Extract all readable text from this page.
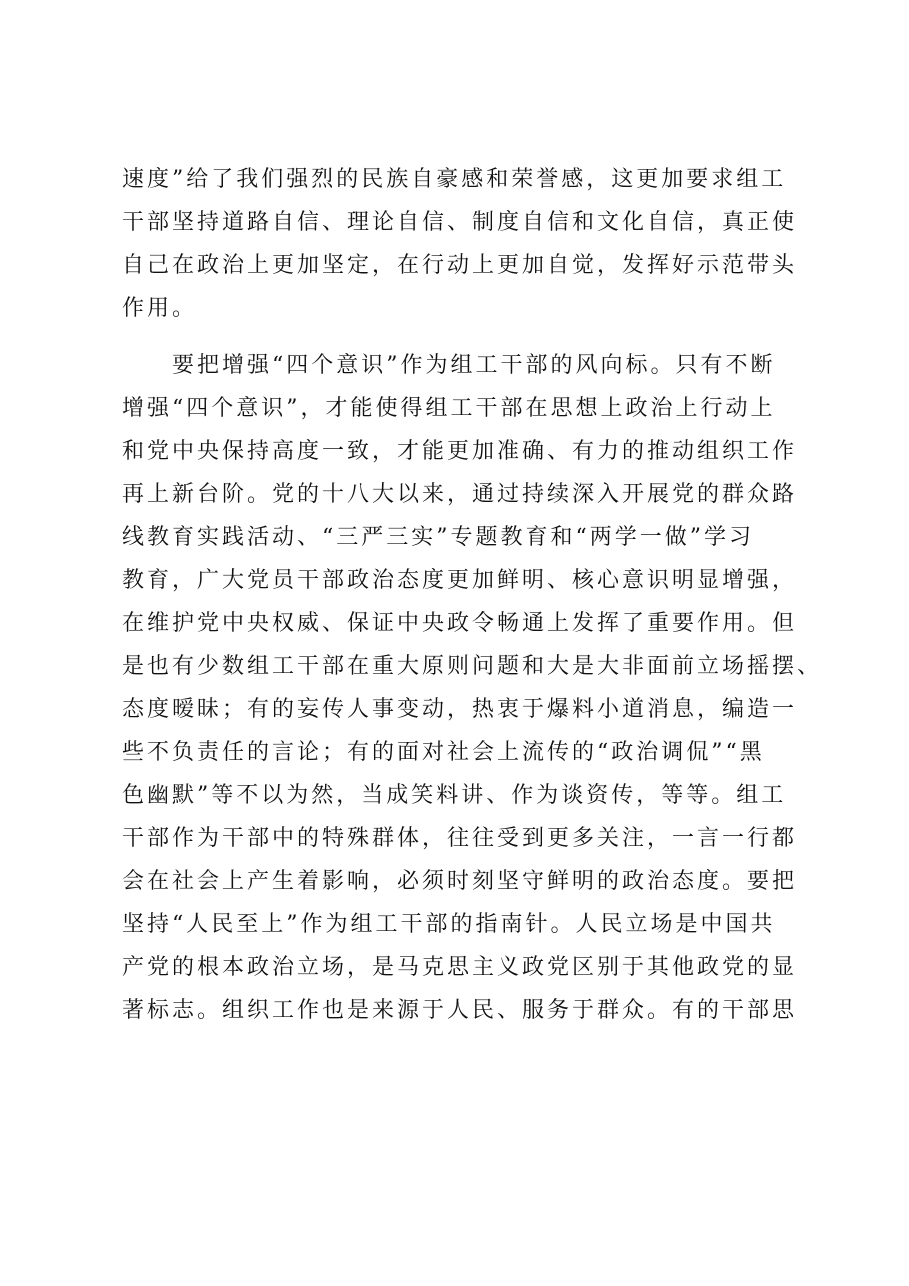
速度”给了我们强烈的民族自豪感和荣誉感，这更加要求组工
干部坚持道路自信、理论自信、制度自信和文化自信，真正使
自己在政治上更加坚定，在行动上更加自觉，发挥好示范带头
作用。
　　要把增强“四个意识”作为组工干部的风向标。只有不断
增强“四个意识”，才能使得组工干部在思想上政治上行动上
和党中央保持高度一致，才能更加准确、有力的推动组织工作
再上新台阶。党的十八大以来，通过持续深入开展党的群众路
线教育实践活动、“三严三实”专题教育和“两学一做”学习
教育，广大党员干部政治态度更加鲜明、核心意识明显增强，
在维护党中央权威、保证中央政令畅通上发挥了重要作用。但
是也有少数组工干部在重大原则问题和大是大非面前立场摇摆、
态度暧昧；有的妄传人事变动，热衷于爆料小道消息，编造一
些不负责任的言论；有的面对社会上流传的“政治调侃”“黑
色幽默”等不以为然，当成笑料讲、作为谈资传，等等。组工
干部作为干部中的特殊群体，往往受到更多关注，一言一行都
会在社会上产生着影响，必须时刻坚守鲜明的政治态度。要把
坚持“人民至上”作为组工干部的指南针。人民立场是中国共
产党的根本政治立场，是马克思主义政党区别于其他政党的显
著标志。组织工作也是来源于人民、服务于群众。有的干部思
